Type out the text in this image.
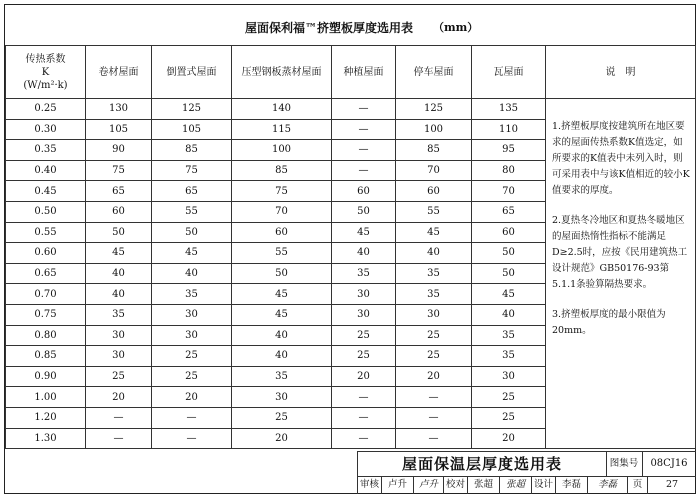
屋面保利福™挤塑板厚度选用表 （mm）
传热系数
K
(W/m²·k)	卷材屋面	倒置式屋面	压型钢板蒸材屋面	种植屋面	停车屋面	瓦屋面	说　明
0.25	130	125	140	—	125	135	1.挤塑板厚度按建筑所在地区要求的屋面传热系数K值选定，如所要求的K值表中未列入时，则可采用表中与该K值相近的较小K值要求的厚度。
2.夏热冬冷地区和夏热冬暖地区的屋面热惰性指标不能满足D≥2.5时，应按《民用建筑热工设计规范》GB50176-93第5.1.1条验算隔热要求。
3.挤塑板厚度的最小限值为20mm。

0.30	105	105	115	—	100	110	
0.35	90	85	100	—	85	95	
0.40	75	75	85	—	70	80	
0.45	65	65	75	60	60	70	
0.50	60	55	70	50	55	65	
0.55	50	50	60	45	45	60	
0.60	45	45	55	40	40	50	
0.65	40	40	50	35	35	50	
0.70	40	35	45	30	35	45	
0.75	35	30	45	30	30	40	
0.80	30	30	40	25	25	35	
0.85	30	25	40	25	25	35	
0.90	25	25	35	20	20	30	
1.00	20	20	30	—	—	25	
1.20	—	—	25	—	—	25	
1.30	—	—	20	—	—	20	
屋面保温层厚度选用表	图集号	08CJ16
审核 卢升	卢升 校对 张超	张超 设计 李磊	李磊	页	27
